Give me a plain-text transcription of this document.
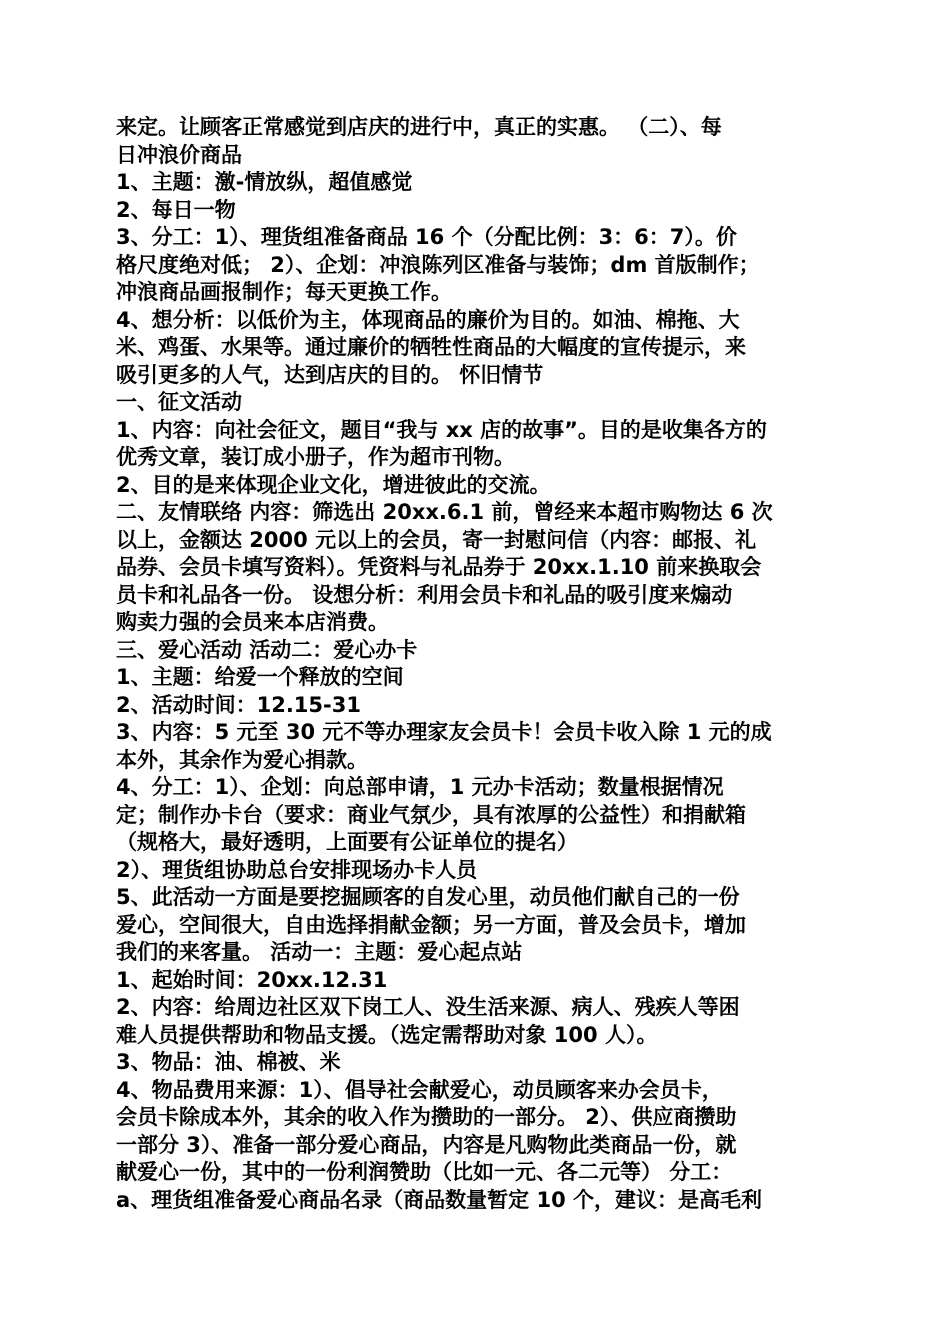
来定。让顾客正常感觉到店庆的进行中，真正的实惠。 （二）、每
日冲浪价商品
1、主题：激-情放纵，超值感觉
2、每日一物
3、分工：1）、理货组准备商品 16 个（分配比例：3：6：7）。价
格尺度绝对低； 2）、企划：冲浪陈列区准备与装饰；dm 首版制作；
冲浪商品画报制作；每天更换工作。
4、想分析：以低价为主，体现商品的廉价为目的。如油、棉拖、大
米、鸡蛋、水果等。通过廉价的牺牲性商品的大幅度的宣传提示，来
吸引更多的人气，达到店庆的目的。 怀旧情节
一、征文活动
1、内容：向社会征文，题目“我与 xx 店的故事”。目的是收集各方的
优秀文章，装订成小册子，作为超市刊物。
2、目的是来体现企业文化，增进彼此的交流。
二、友情联络 内容：筛选出 20xx.6.1 前，曾经来本超市购物达 6 次
以上，金额达 2000 元以上的会员，寄一封慰问信（内容：邮报、礼
品券、会员卡填写资料）。凭资料与礼品券于 20xx.1.10 前来换取会
员卡和礼品各一份。 设想分析：利用会员卡和礼品的吸引度来煽动
购卖力强的会员来本店消费。
三、爱心活动 活动二：爱心办卡
1、主题：给爱一个释放的空间
2、活动时间：12.15-31
3、内容：5 元至 30 元不等办理家友会员卡！会员卡收入除 1 元的成
本外，其余作为爱心捐款。
4、分工：1）、企划：向总部申请，1 元办卡活动；数量根据情况
定；制作办卡台（要求：商业气氛少，具有浓厚的公益性）和捐献箱
（规格大，最好透明，上面要有公证单位的提名）
2）、理货组协助总台安排现场办卡人员
5、此活动一方面是要挖掘顾客的自发心里，动员他们献自己的一份
爱心，空间很大，自由选择捐献金额；另一方面，普及会员卡，增加
我们的来客量。 活动一：主题：爱心起点站
1、起始时间：20xx.12.31
2、内容：给周边社区双下岗工人、没生活来源、病人、残疾人等困
难人员提供帮助和物品支援。（选定需帮助对象 100 人）。
3、物品：油、棉被、米
4、物品费用来源：1）、倡导社会献爱心，动员顾客来办会员卡，
会员卡除成本外，其余的收入作为攒助的一部分。 2）、供应商攒助
一部分 3）、准备一部分爱心商品，内容是凡购物此类商品一份，就
献爱心一份，其中的一份利润赞助（比如一元、各二元等） 分工：
a、理货组准备爱心商品名录（商品数量暂定 10 个，建议：是高毛利
